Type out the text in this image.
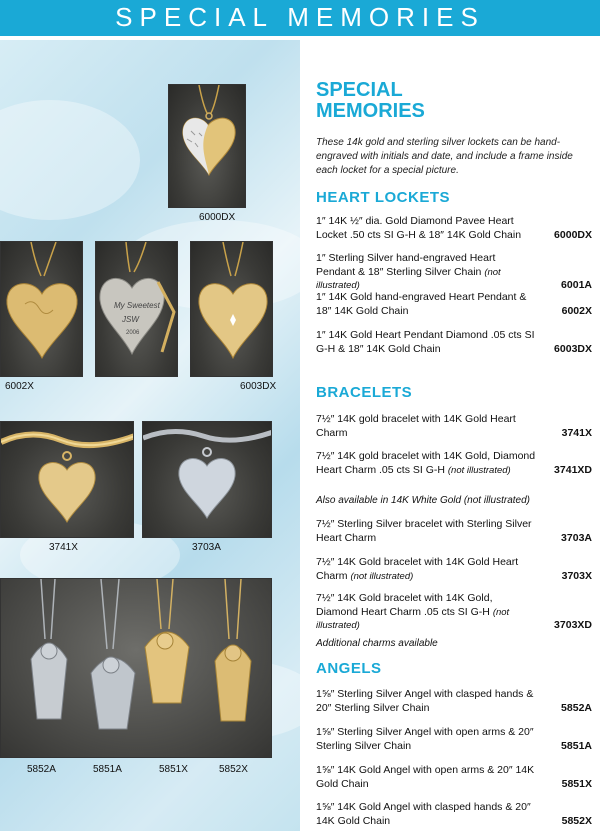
SPECIAL MEMORIES
6000DX
6002X
My Sweetest
JSW
2006
6003DX
3741X	3703A
5852A	5851A	5851X	5852X
SPECIAL
MEMORIES
These 14k gold and sterling silver lockets can be hand-engraved with initials and date, and include a frame inside each locket for a special picture.
HEART LOCKETS
1″ 14K ½″ dia. Gold Diamond Pavee Heart Locket .50 cts SI G-H & 18″ 14K Gold Chain	6000DX
1″ Sterling Silver hand-engraved Heart Pendant & 18″ Sterling Silver Chain (not illustrated)	6001A
1″ 14K Gold hand-engraved Heart Pendant & 18″ 14K Gold Chain	6002X
1″ 14K Gold Heart Pendant Diamond .05 cts SI G-H & 18″ 14K Gold Chain	6003DX
BRACELETS
7½″ 14K gold bracelet with 14K Gold Heart Charm	3741X
7½″ 14K gold bracelet with 14K Gold, Diamond Heart Charm .05 cts SI G-H (not illustrated)	3741XD
Also available in 14K White Gold (not illustrated)
7½″ Sterling Silver bracelet with Sterling Silver Heart Charm	3703A
7½″ 14K Gold bracelet with 14K Gold Heart Charm (not illustrated)	3703X
7½″ 14K Gold bracelet with 14K Gold, Diamond Heart Charm .05 cts SI G-H (not illustrated)	3703XD
Additional charms available
ANGELS
1⅝″ Sterling Silver Angel with clasped hands & 20″ Sterling Silver Chain	5852A
1⅝″ Sterling Silver Angel with open arms & 20″ Sterling Silver Chain	5851A
1⅝″ 14K Gold Angel with open arms & 20″ 14K Gold Chain	5851X
1⅝″ 14K Gold Angel with clasped hands & 20″ 14K Gold Chain	5852X
